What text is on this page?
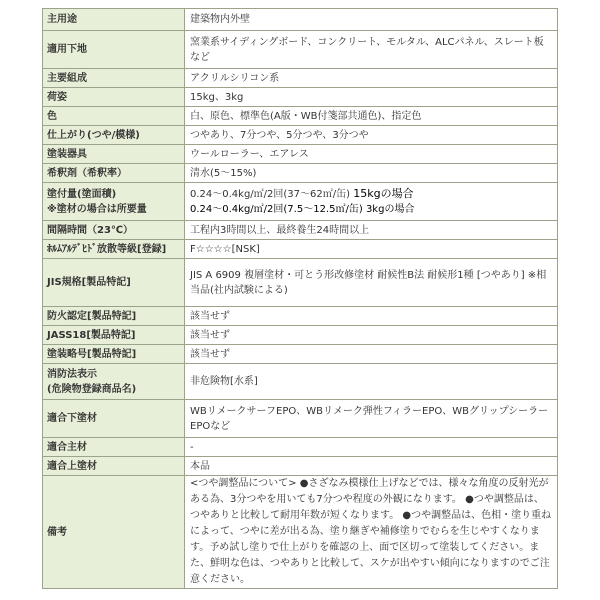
主用途	建築物内外壁
適用下地	窯業系サイディングボード、コンクリート、モルタル、ALCパネル、スレート板など
主要組成	アクリルシリコン系
荷姿	15kg、3kg
色	白、原色、標準色(A版・WB付箋部共通色)、指定色
仕上がり(つや/模様)	つやあり、7分つや、5分つや、3分つや
塗装器具	ウールローラー、エアレス
希釈剤（希釈率）	清水(5～15%)

塗付量(塗面積)
※塗材の場合は所要量	0.24～0.4kg/㎡/2回(37～62㎡/缶) 15kgの場合
0.24～0.4kg/㎡/2回(7.5～12.5㎡/缶) 3kgの場合

間隔時間（23℃）	工程内3時間以上、最終養生24時間以上
ﾎﾙﾑｱﾙﾃﾞﾋﾄﾞ放散等級[登録]	F☆☆☆☆[NSK]
JIS規格[製品特記]	JIS A 6909 複層塗材・可とう形改修塗材 耐候性B法 耐候形1種 [つやあり] ※相当品(社内試験による)
防火認定[製品特記]	該当せず
JASS18[製品特記]	該当せず
塗装略号[製品特記]	該当せず

消防法表示
(危険物登録商品名)	非危険物[水系]
適合下塗材	WBリメークサーフEPO、WBリメーク弾性フィラーEPO、WBグリップシーラーEPOなど
適合主材	-
適合上塗材	本品
備考	<つや調整品について> ●さざなみ模様仕上げなどでは、様々な角度の反射光がある為、3分つやを用いても7分つや程度の外観になります。 ●つや調整品は、つやありと比較して耐用年数が短くなります。 ●つや調整品は、色相・塗り重ねによって、つやに差が出る為、塗り継ぎや補修塗りでむらを生じやすくなります。予め試し塗りで仕上がりを確認の上、面で区切って塗装してください。また、鮮明な色は、つやありと比較して、スケが出やすい傾向になりますのでご注意ください。
